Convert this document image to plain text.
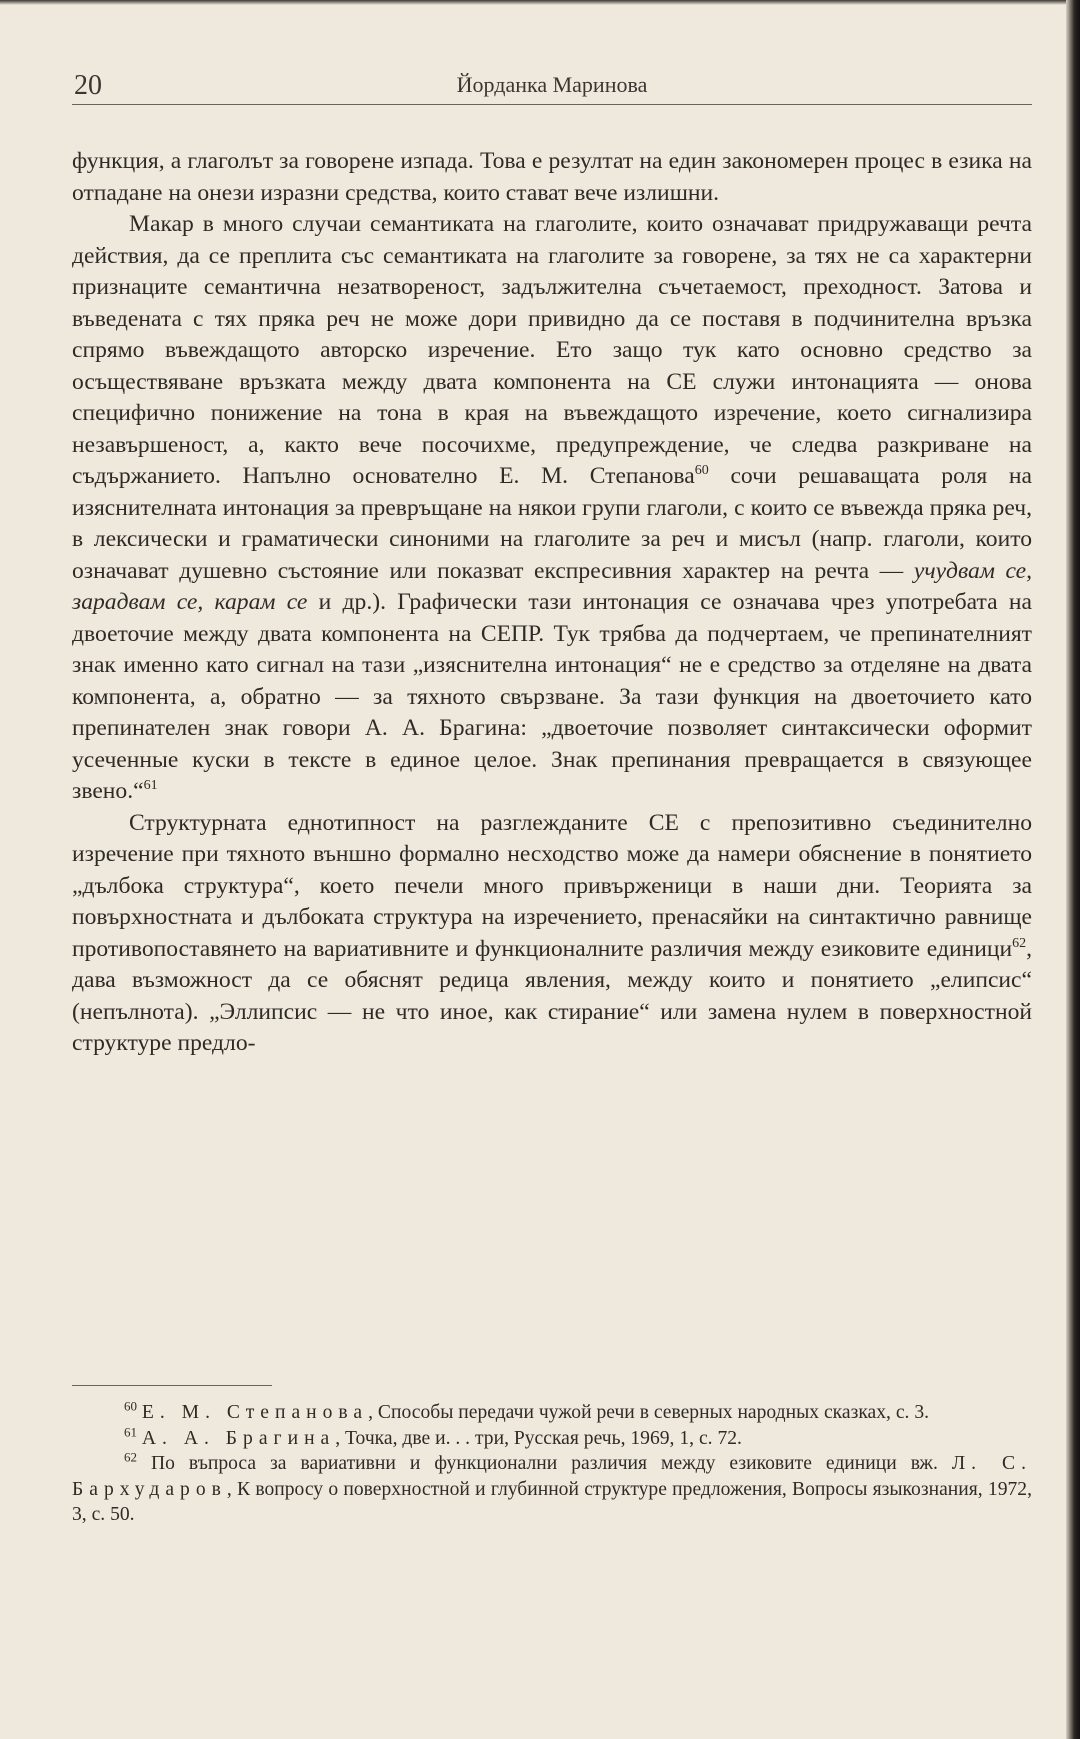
20	Йорданка Маринова

функция, а глаголът за говорене изпада. Това е резултат на един закономерен процес в езика на отпадане на онези изразни средства, които стават вече излишни.

Макар в много случаи семантиката на глаголите, които означават придружаващи речта действия, да се преплита със семантиката на глаголите за говорене, за тях не са характерни признаците семантична незатвореност, задължителна съчетаемост, преходност. Затова и въведената с тях пряка реч не може дори привидно да се поставя в подчинителна връзка спрямо въвеждащото авторско изречение. Ето защо тук като основно средство за осъществяване връзката между двата компонента на СЕ служи интонацията — онова специфично понижение на тона в края на въвеждащото изречение, което сигнализира незавършеност, а, както вече посочихме, предупреждение, че следва разкриване на съдържанието. Напълно основателно Е. М. Степанова$^{60}$ сочи решаващата роля на изяснителната интонация за превръщане на някои групи глаголи, с които се въвежда пряка реч, в лексически и граматически синоними на глаголите за реч и мисъл (напр. глаголи, които означават душевно състояние или показват експресивния характер на речта — учудвам се, зарадвам се, карам се и др.). Графически тази интонация се означава чрез употребата на двоеточие между двата компонента на СЕПР. Тук трябва да подчертаем, че препинателният знак именно като сигнал на тази „изяснителна интонация“ не е средство за отделяне на двата компонента, а, обратно — за тяхното свързване. За тази функция на двоеточието като препинателен знак говори А. А. Брагина: „двоеточие позволяет синтаксически оформит усеченные куски в тексте в единое целое. Знак препинания превращается в связующее звено.“$^{61}$

Структурната еднотипност на разглежданите СЕ с препозитивно съединително изречение при тяхното външно формално несходство може да намери обяснение в понятието „дълбока структура“, което печели много привърженици в наши дни. Теорията за повърхностната и дълбоката структура на изречението, пренасяйки на синтактично равнище противопоставянето на вариативните и функционалните различия между езиковите единици$^{62}$, дава възможност да се обяснят редица явления, между които и понятието „елипсис“ (непълнота). „Эллипсис — не что иное, как стирание“ или замена нулем в поверхностной структуре предло-

$^{60}$ Е. М. Степанова, Способы передачи чужой речи в северных народных сказках, с. 3.

$^{61}$ А. А. Брагина, Точка, две и. . . три, Русская речь, 1969, 1, с. 72.

$^{62}$ По въпроса за вариативни и функционални различия между езиковите единици вж. Л. С. Бархударов, К вопросу о поверхностной и глубинной структуре предложения, Вопросы языкознания, 1972, 3, с. 50.
